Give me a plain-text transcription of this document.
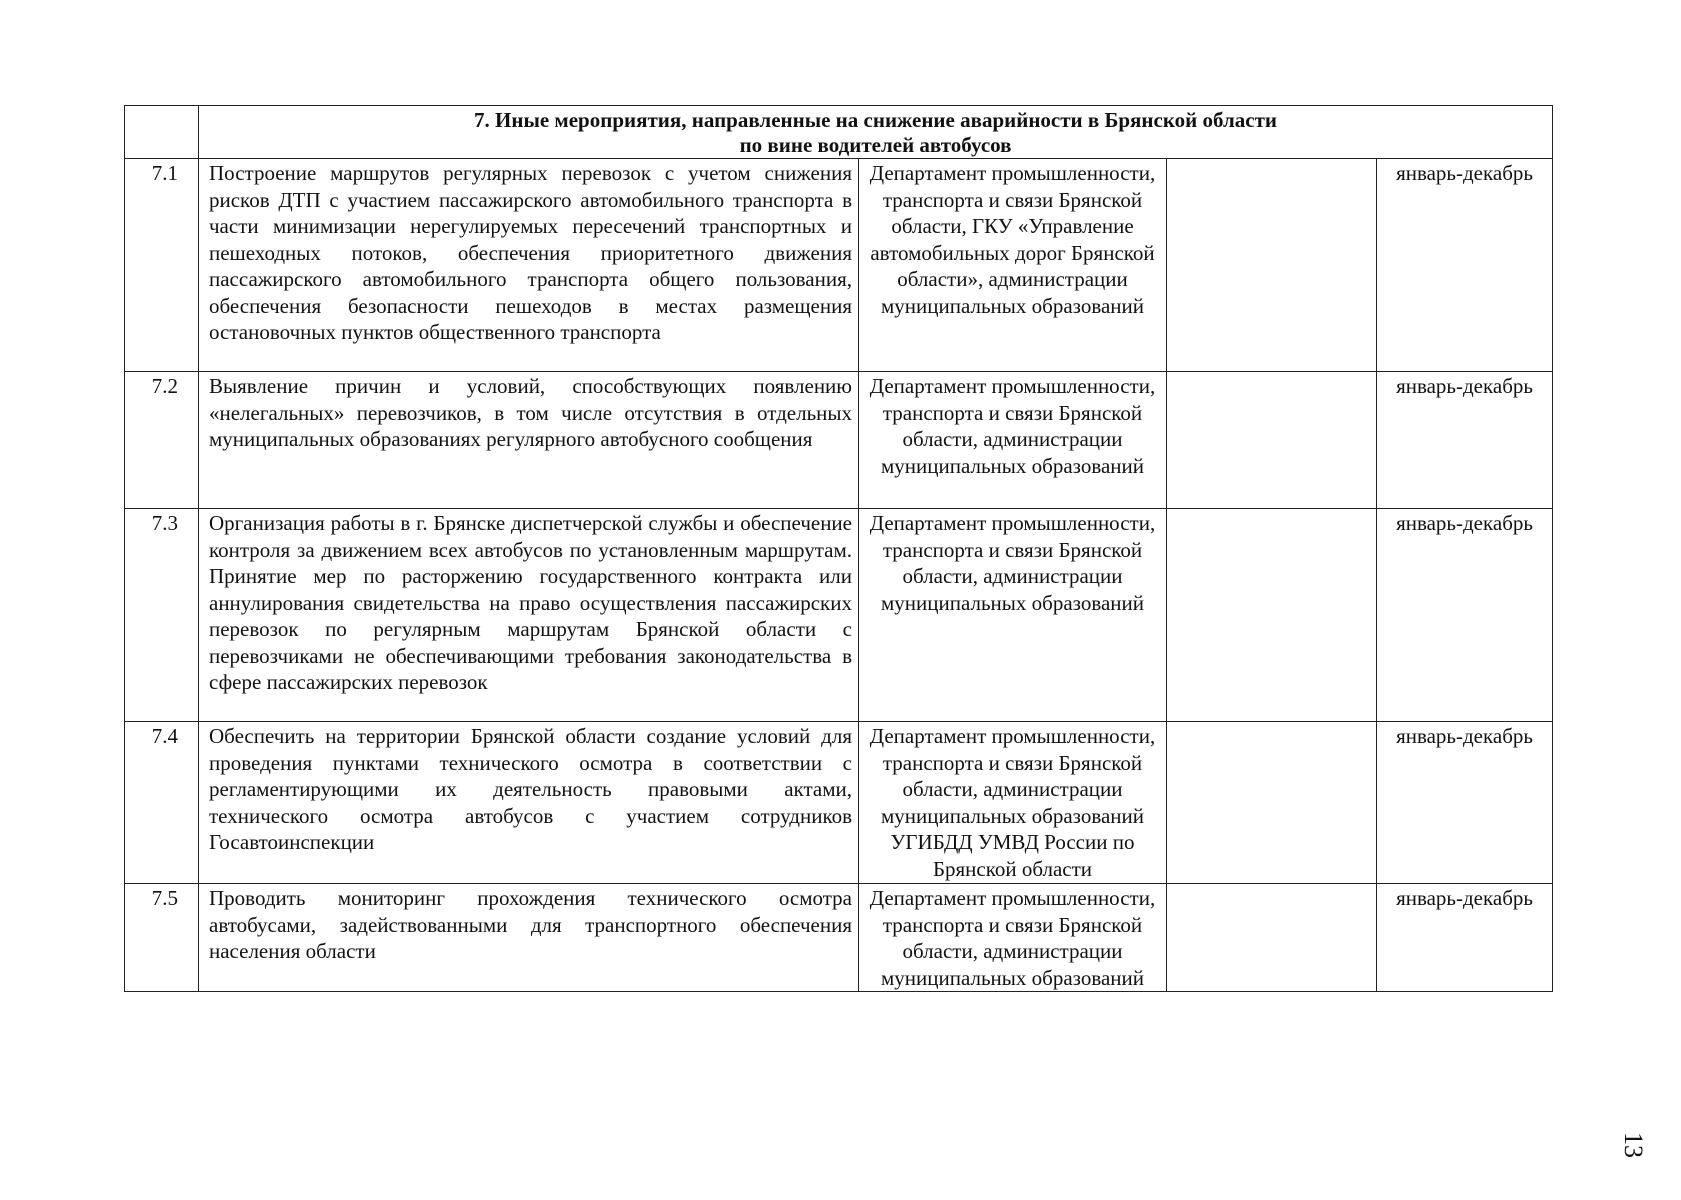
	7. Иные мероприятия, направленные на снижение аварийности в Брянской области
по вине водителей автобусов			

7.1	Построение маршрутов регулярных перевозок с учетом снижения рисков ДТП с участием пассажирского автомобильного транспорта в части минимизации нерегулируемых пересечений транспортных и пешеходных потоков, обеспечения приоритетного движения пассажирского автомобильного транспорта общего пользования, обеспечения безопасности пешеходов в местах размещения остановочных пунктов общественного транспорта	Департамент промышленности, транспорта и связи Брянской области, ГКУ «Управление автомобильных дорог Брянской области», администрации муниципальных образований		январь-декабрь
7.2	Выявление причин и условий, способствующих появлению «нелегальных» перевозчиков, в том числе отсутствия в отдельных муниципальных образованиях регулярного автобусного сообщения	Департамент промышленности, транспорта и связи Брянской области, администрации муниципальных образований		январь-декабрь
7.3	Организация работы в г. Брянске диспетчерской службы и обеспечение контроля за движением всех автобусов по установленным маршрутам. Принятие мер по расторжению государственного контракта или аннулирования свидетельства на право осуществления пассажирских перевозок по регулярным маршрутам Брянской области с перевозчиками не обеспечивающими требования законодательства в сфере пассажирских перевозок	Департамент промышленности, транспорта и связи Брянской области, администрации муниципальных образований		январь-декабрь
7.4	Обеспечить на территории Брянской области создание условий для проведения пунктами технического осмотра в соответствии с регламентирующими их деятельность правовыми актами, технического осмотра автобусов с участием сотрудников Госавтоинспекции	Департамент промышленности, транспорта и связи Брянской области, администрации муниципальных образований УГИБДД УМВД России по Брянской области		январь-декабрь
7.5	Проводить мониторинг прохождения технического осмотра автобусами, задействованными для транспортного обеспечения населения области	Департамент промышленности, транспорта и связи Брянской области, администрации муниципальных образований		январь-декабрь
13
